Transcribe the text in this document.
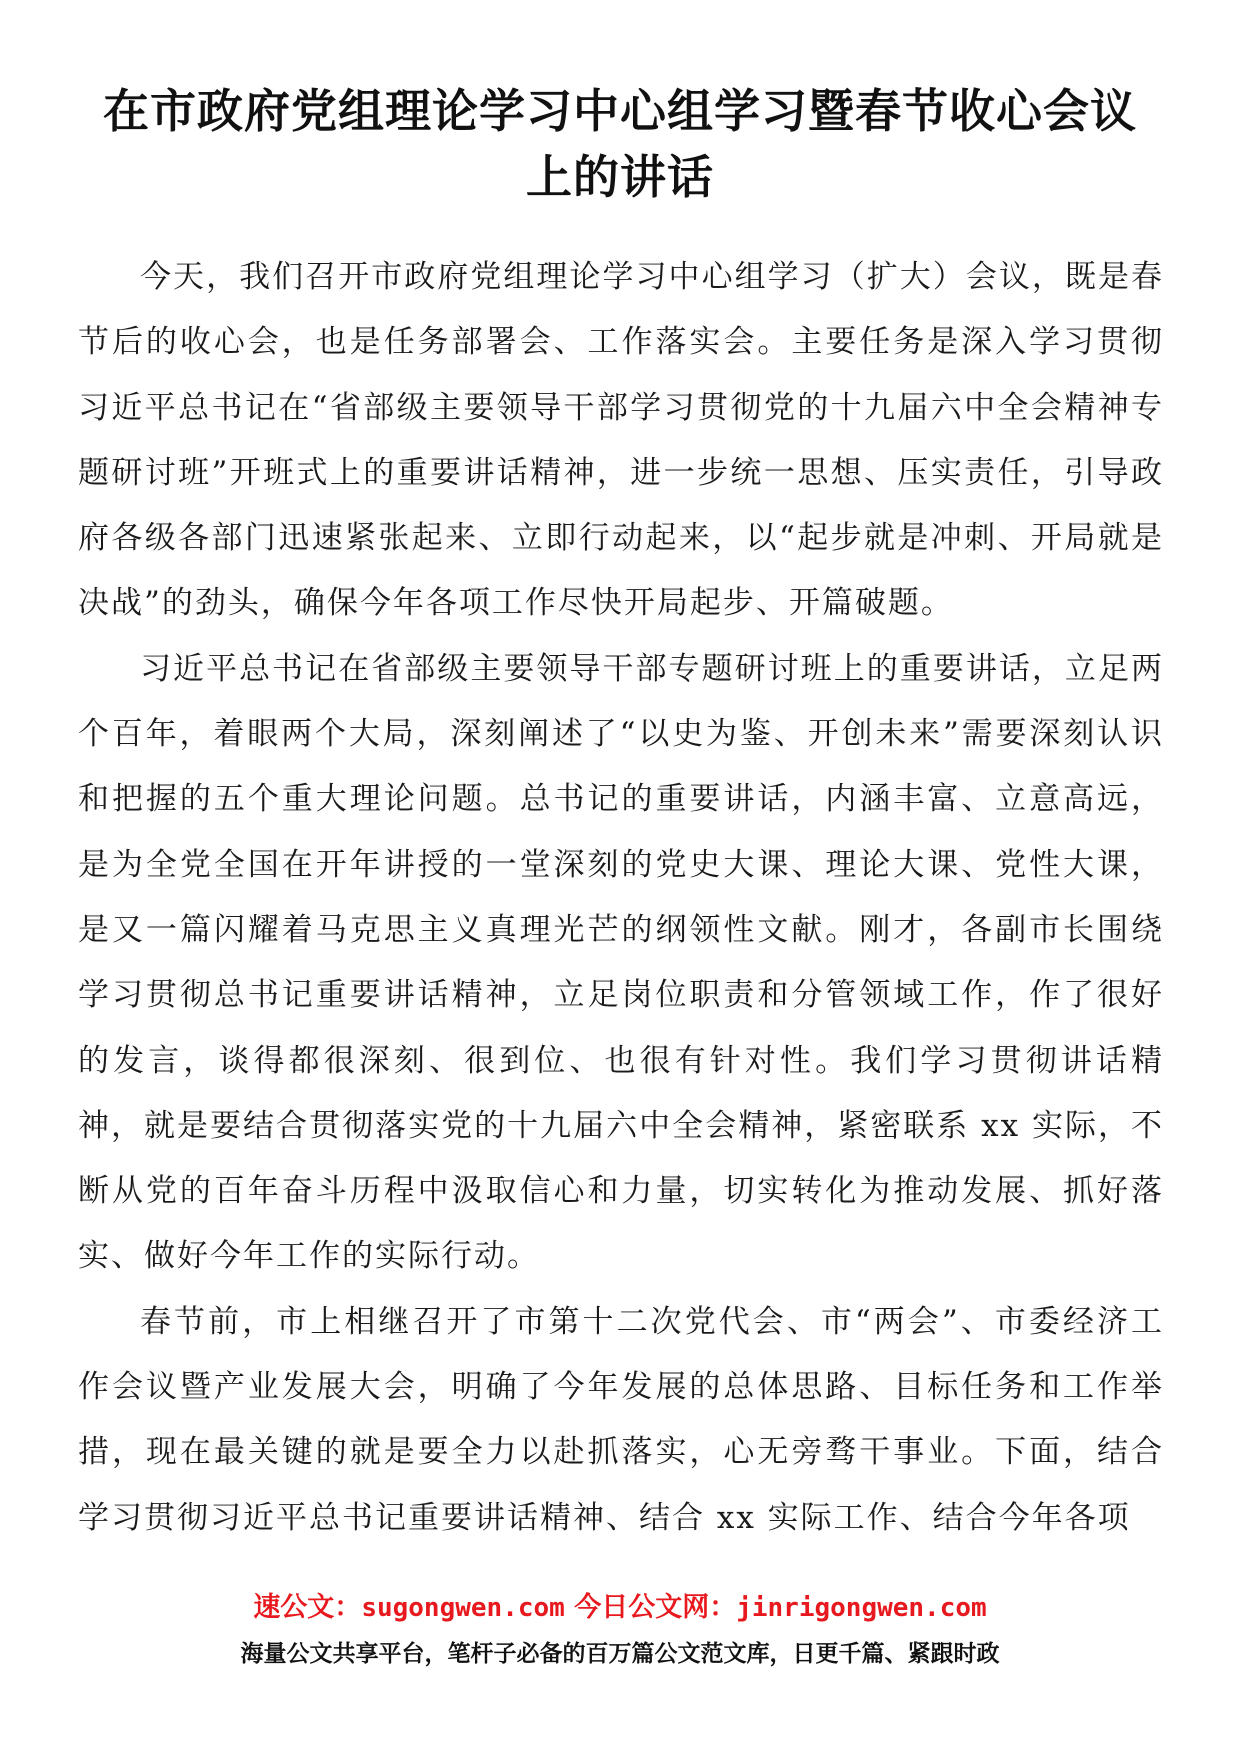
在市政府党组理论学习中心组学习暨春节收心会议上的讲话

今天，我们召开市政府党组理论学习中心组学习（扩大）会议，既是春节后的收心会，也是任务部署会、工作落实会。主要任务是深入学习贯彻习近平总书记在“省部级主要领导干部学习贯彻党的十九届六中全会精神专题研讨班”开班式上的重要讲话精神，进一步统一思想、压实责任，引导政府各级各部门迅速紧张起来、立即行动起来，以“起步就是冲刺、开局就是决战”的劲头，确保今年各项工作尽快开局起步、开篇破题。

习近平总书记在省部级主要领导干部专题研讨班上的重要讲话，立足两个百年，着眼两个大局，深刻阐述了“以史为鉴、开创未来”需要深刻认识和把握的五个重大理论问题。总书记的重要讲话，内涵丰富、立意高远，是为全党全国在开年讲授的一堂深刻的党史大课、理论大课、党性大课，是又一篇闪耀着马克思主义真理光芒的纲领性文献。刚才，各副市长围绕学习贯彻总书记重要讲话精神，立足岗位职责和分管领域工作，作了很好的发言，谈得都很深刻、很到位、也很有针对性。我们学习贯彻讲话精神，就是要结合贯彻落实党的十九届六中全会精神，紧密联系 xx 实际，不断从党的百年奋斗历程中汲取信心和力量，切实转化为推动发展、抓好落实、做好今年工作的实际行动。

春节前，市上相继召开了市第十二次党代会、市“两会”、市委经济工作会议暨产业发展大会，明确了今年发展的总体思路、目标任务和工作举措，现在最关键的就是要全力以赴抓落实，心无旁骛干事业。下面，结合学习贯彻习近平总书记重要讲话精神、结合 xx 实际工作、结合今年各项

速公文：sugongwen.com 今日公文网：jinrigongwen.com
海量公文共享平台，笔杆子必备的百万篇公文范文库，日更千篇、紧跟时政
